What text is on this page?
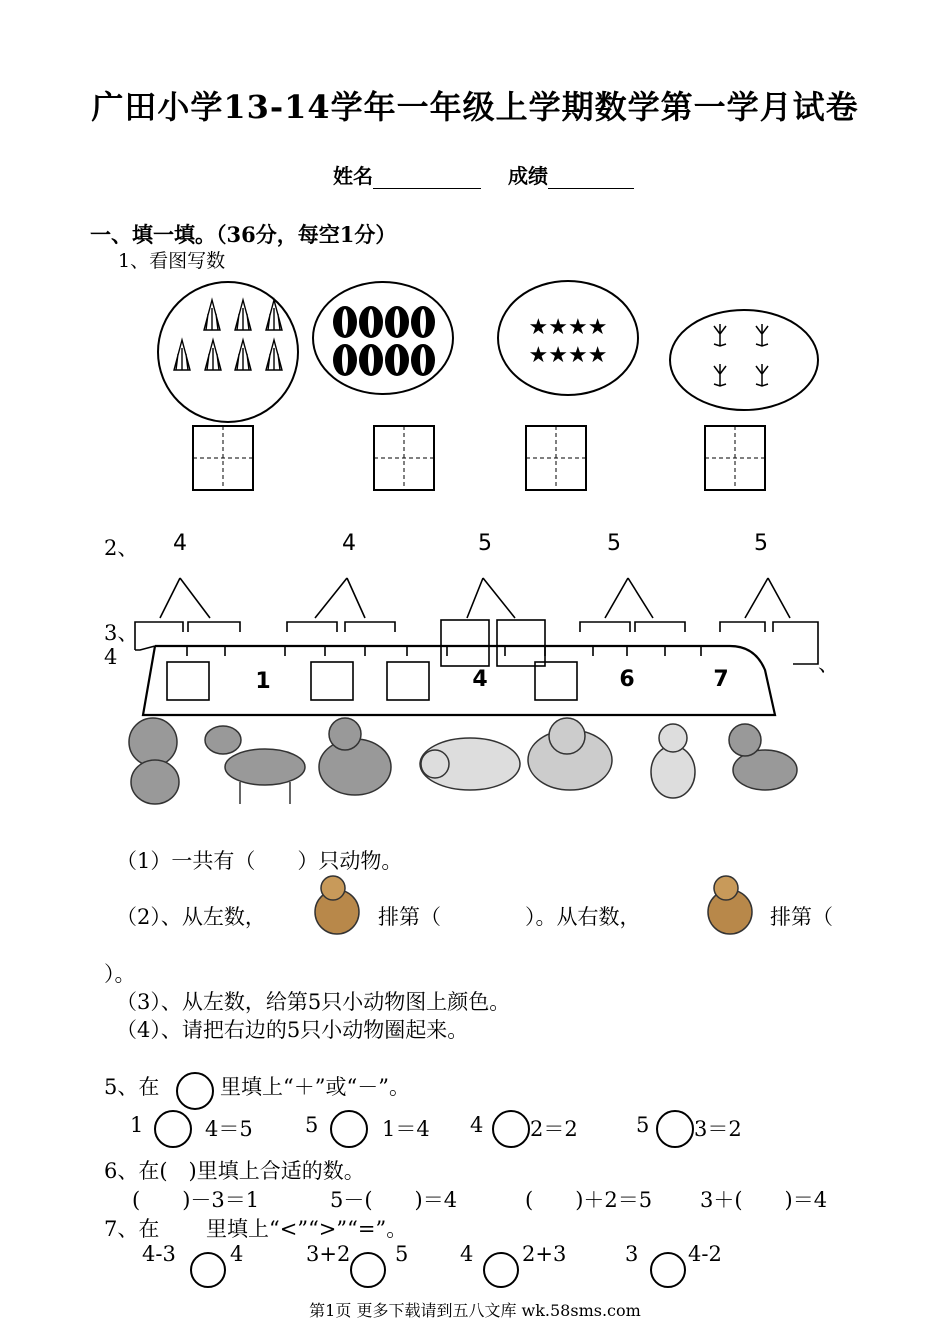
广田小学13-14学年一年级上学期数学第一学月试卷
姓名	成绩
一、填一填。（36分，每空1分）
1、看图写数
★★★★
★★★★
2、 4	4	5	5	5
1	4	6	7
3、
4	、
（1）一共有（　　）只动物。
（2）、从左数，	排第（　　　　）。从右数，	排第（
）。
（3）、从左数，给第5只小动物图上颜色。
（4）、请把右边的5只小动物圈起来。
5、在	里填上“＋”或“－”。
1	4＝5 5	1＝4 4 2＝2	5 3＝2
6、在(　)里填上合适的数。
(　　)－3＝1	5－(　　)＝4	(　　)＋2＝5 3＋(　　)＝4
7、在 里填上“<”“>”“=”。
4-3	4	3+2 5 4 2+3	3 4-2
第1页 更多下载请到五八文库 wk.58sms.com
